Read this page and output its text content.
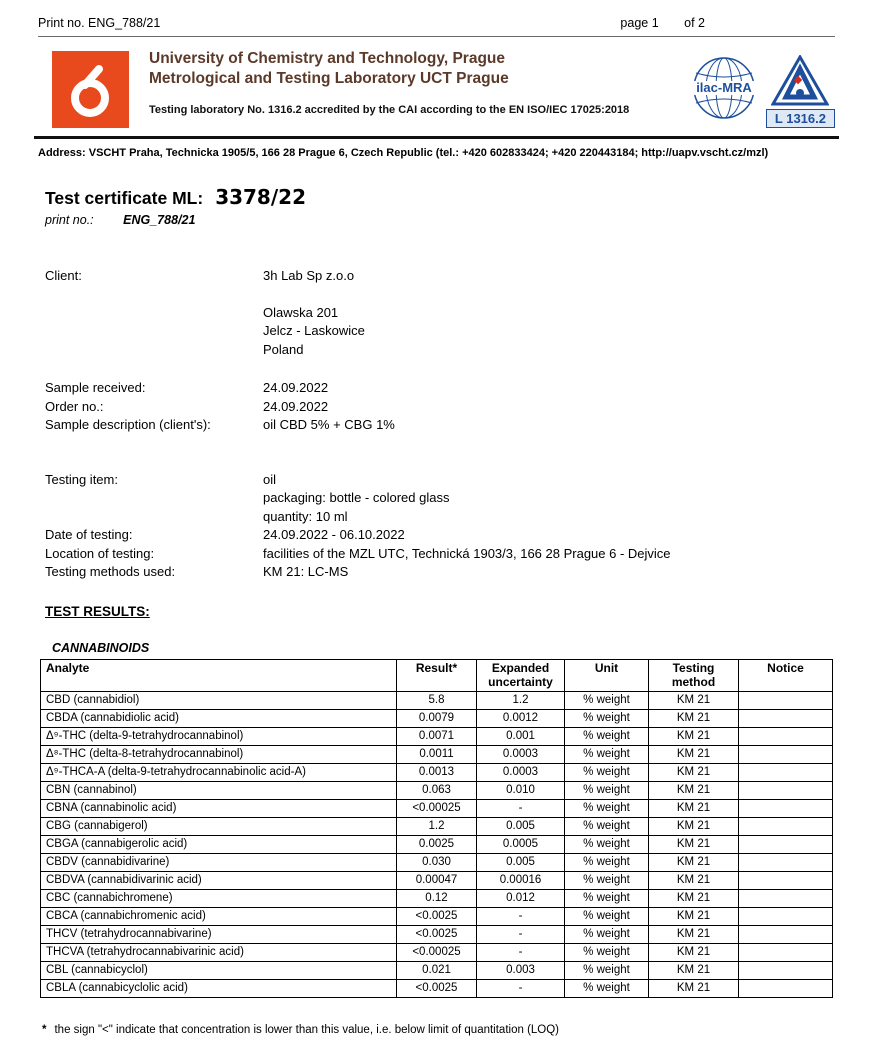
Print no. ENG_788/21	page 1 of 2
University of Chemistry and Technology, Prague
Metrological and Testing Laboratory UCT Prague
Testing laboratory No. 1316.2 accredited by the CAI according to the EN ISO/IEC 17025:2018
ilac-MRA
L 1316.2
Address: VSCHT Praha, Technicka 1905/5, 166 28 Prague 6, Czech Republic (tel.: +420 602833424; +420 220443184; http://uapv.vscht.cz/mzl)
Test certificate ML: 3378/22
print no.: ENG_788/21
Client:	3h Lab Sp z.o.o
Olawska 201
Jelcz - Laskowice
Poland
Sample received:	24.09.2022
Order no.:	24.09.2022
Sample description (client's):	oil CBD 5% + CBG 1%
Testing item:	oil
packaging: bottle - colored glass
quantity: 10 ml
Date of testing:	24.09.2022 - 06.10.2022
Location of testing:	facilities of the MZL UTC, Technická 1903/3, 166 28 Prague 6 - Dejvice
Testing methods used:	KM 21: LC-MS
TEST RESULTS:
CANNABINOIDS
Analyte	Result*	Expanded uncertainty	Unit	Testing method	Notice
CBD (cannabidiol)	5.8	1.2	% weight	KM 21	
CBDA (cannabidiolic acid)	0.0079	0.0012	% weight	KM 21	
Δ⁹-THC (delta-9-tetrahydrocannabinol)	0.0071	0.001	% weight	KM 21	
Δ⁸-THC (delta-8-tetrahydrocannabinol)	0.0011	0.0003	% weight	KM 21	
Δ⁹-THCA-A (delta-9-tetrahydrocannabinolic acid-A)	0.0013	0.0003	% weight	KM 21	
CBN (cannabinol)	0.063	0.010	% weight	KM 21	
CBNA (cannabinolic acid)	<0.00025	-	% weight	KM 21	
CBG (cannabigerol)	1.2	0.005	% weight	KM 21	
CBGA (cannabigerolic acid)	0.0025	0.0005	% weight	KM 21	
CBDV (cannabidivarine)	0.030	0.005	% weight	KM 21	
CBDVA (cannabidivarinic acid)	0.00047	0.00016	% weight	KM 21	
CBC (cannabichromene)	0.12	0.012	% weight	KM 21	
CBCA (cannabichromenic acid)	<0.0025	-	% weight	KM 21	
THCV (tetrahydrocannabivarine)	<0.0025	-	% weight	KM 21	
THCVA (tetrahydrocannabivarinic acid)	<0.00025	-	% weight	KM 21	
CBL (cannabicyclol)	0.021	0.003	% weight	KM 21	
CBLA (cannabicyclolic acid)	<0.0025	-	% weight	KM 21	
* the sign "<" indicate that concentration is lower than this value, i.e. below limit of quantitation (LOQ)
